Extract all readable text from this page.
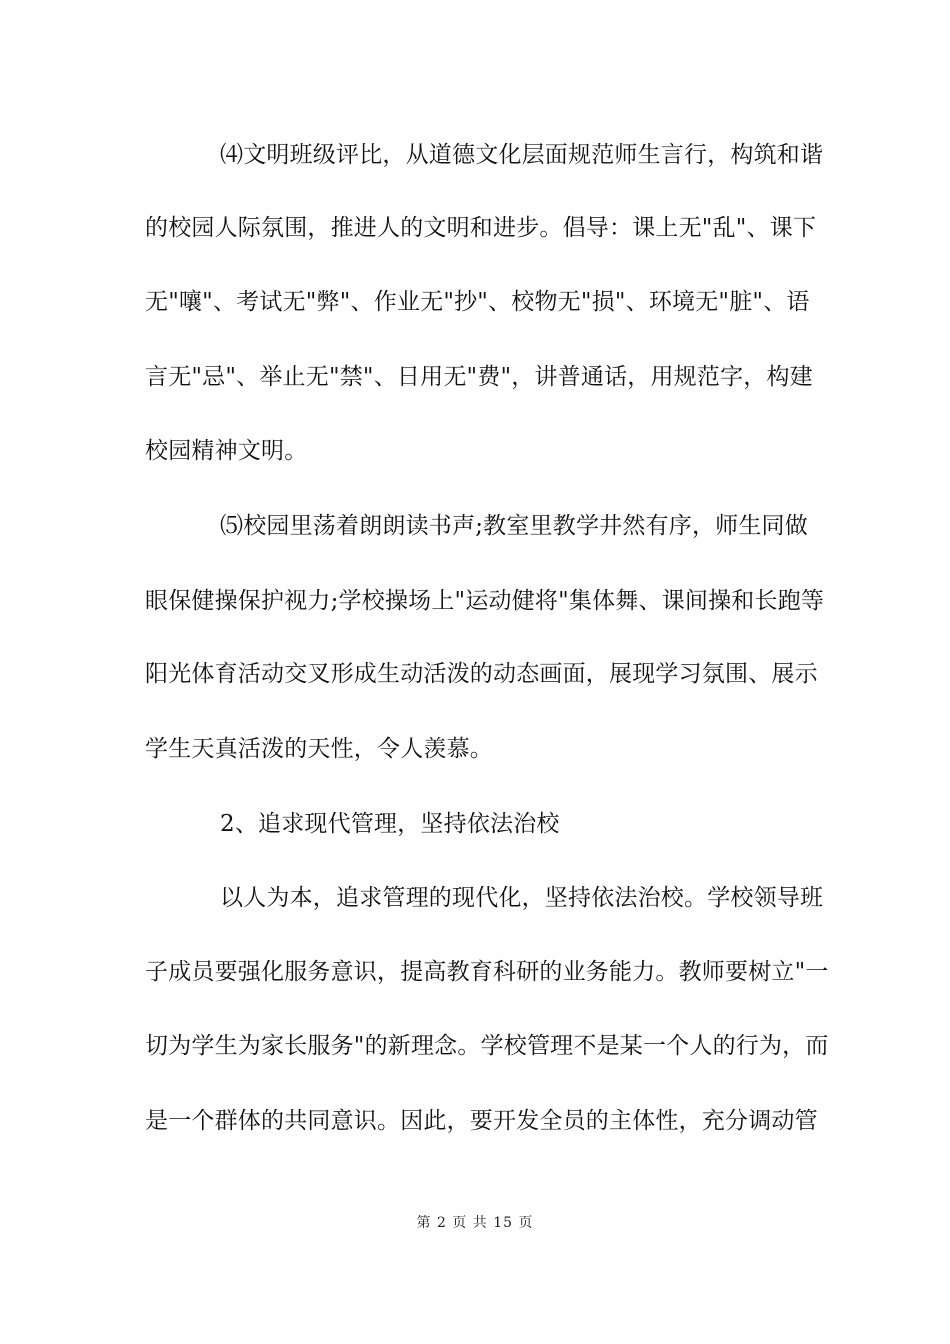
⑷文明班级评比，从道德文化层面规范师生言行，构筑和谐
的校园人际氛围，推进人的文明和进步。倡导：课上无"乱"、课下
无"嚷"、考试无"弊"、作业无"抄"、校物无"损"、环境无"脏"、语
言无"忌"、举止无"禁"、日用无"费"，讲普通话，用规范字，构建
校园精神文明。
⑸校园里荡着朗朗读书声;教室里教学井然有序，师生同做
眼保健操保护视力;学校操场上"运动健将"集体舞、课间操和长跑等
阳光体育活动交叉形成生动活泼的动态画面，展现学习氛围、展示
学生天真活泼的天性，令人羡慕。
2、追求现代管理，坚持依法治校
以人为本，追求管理的现代化，坚持依法治校。学校领导班
子成员要强化服务意识，提高教育科研的业务能力。教师要树立"一
切为学生为家长服务"的新理念。学校管理不是某一个人的行为，而
是一个群体的共同意识。因此，要开发全员的主体性，充分调动管
第 2 页 共 15 页
